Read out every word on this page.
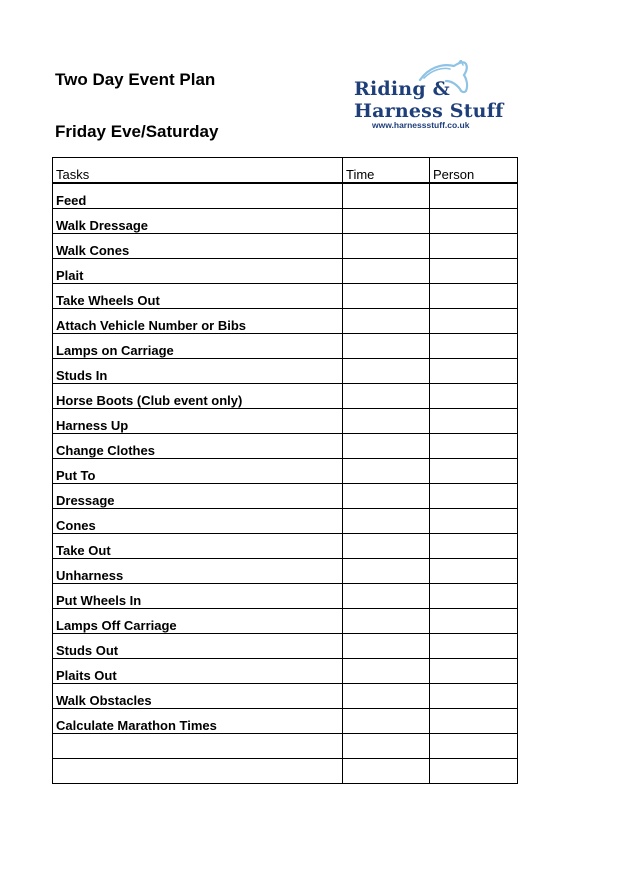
Two Day Event Plan
Friday Eve/Saturday
Riding &
Harness Stuff
www.harnessstuff.co.uk
Tasks	Time	Person
Feed		
Walk Dressage		
Walk Cones		
Plait		
Take Wheels Out		
Attach Vehicle Number or Bibs		
Lamps on Carriage		
Studs In		
Horse Boots (Club event only)		
Harness Up		
Change Clothes		
Put To		
Dressage		
Cones		
Take Out		
Unharness		
Put Wheels In		
Lamps Off Carriage		
Studs Out		
Plaits Out		
Walk Obstacles		
Calculate Marathon Times		
